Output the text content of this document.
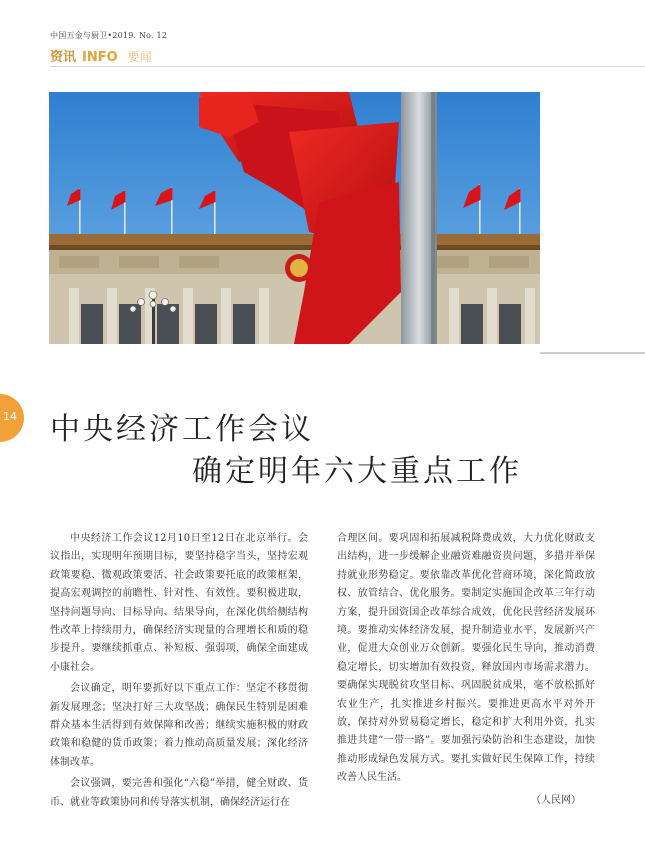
中国五金与厨卫•2019. No. 12
资讯 INFO 要闻
14 中央经济工作会议
确定明年六大重点工作

中央经济工作会议12月10日至12日在北京举行。会议指出，实现明年预期目标，要坚持稳字当头，坚持宏观政策要稳、微观政策要活、社会政策要托底的政策框架，提高宏观调控的前瞻性、针对性、有效性。要积极进取，坚持问题导向、目标导向、结果导向，在深化供给侧结构性改革上持续用力，确保经济实现量的合理增长和质的稳步提升。要继续抓重点、补短板、强弱项，确保全面建成小康社会。

会议确定，明年要抓好以下重点工作：坚定不移贯彻新发展理念；坚决打好三大攻坚战；确保民生特别是困难群众基本生活得到有效保障和改善；继续实施积极的财政政策和稳健的货币政策；着力推动高质量发展；深化经济体制改革。

会议强调，要完善和强化“六稳”举措，健全财政、货币、就业等政策协同和传导落实机制，确保经济运行在

合理区间。要巩固和拓展减税降费成效，大力优化财政支出结构，进一步缓解企业融资难融资贵问题，多措并举保持就业形势稳定。要依靠改革优化营商环境，深化简政放权、放管结合、优化服务。要制定实施国企改革三年行动方案，提升国资国企改革综合成效，优化民营经济发展环境。要推动实体经济发展，提升制造业水平，发展新兴产业，促进大众创业万众创新。要强化民生导向，推动消费稳定增长，切实增加有效投资，释放国内市场需求潜力。要确保实现脱贫攻坚目标、巩固脱贫成果，毫不放松抓好农业生产，扎实推进乡村振兴。要推进更高水平对外开放，保持对外贸易稳定增长，稳定和扩大利用外资，扎实推进共建“一带一路”。要加强污染防治和生态建设，加快推动形成绿色发展方式。要扎实做好民生保障工作，持续改善人民生活。

（人民网）
